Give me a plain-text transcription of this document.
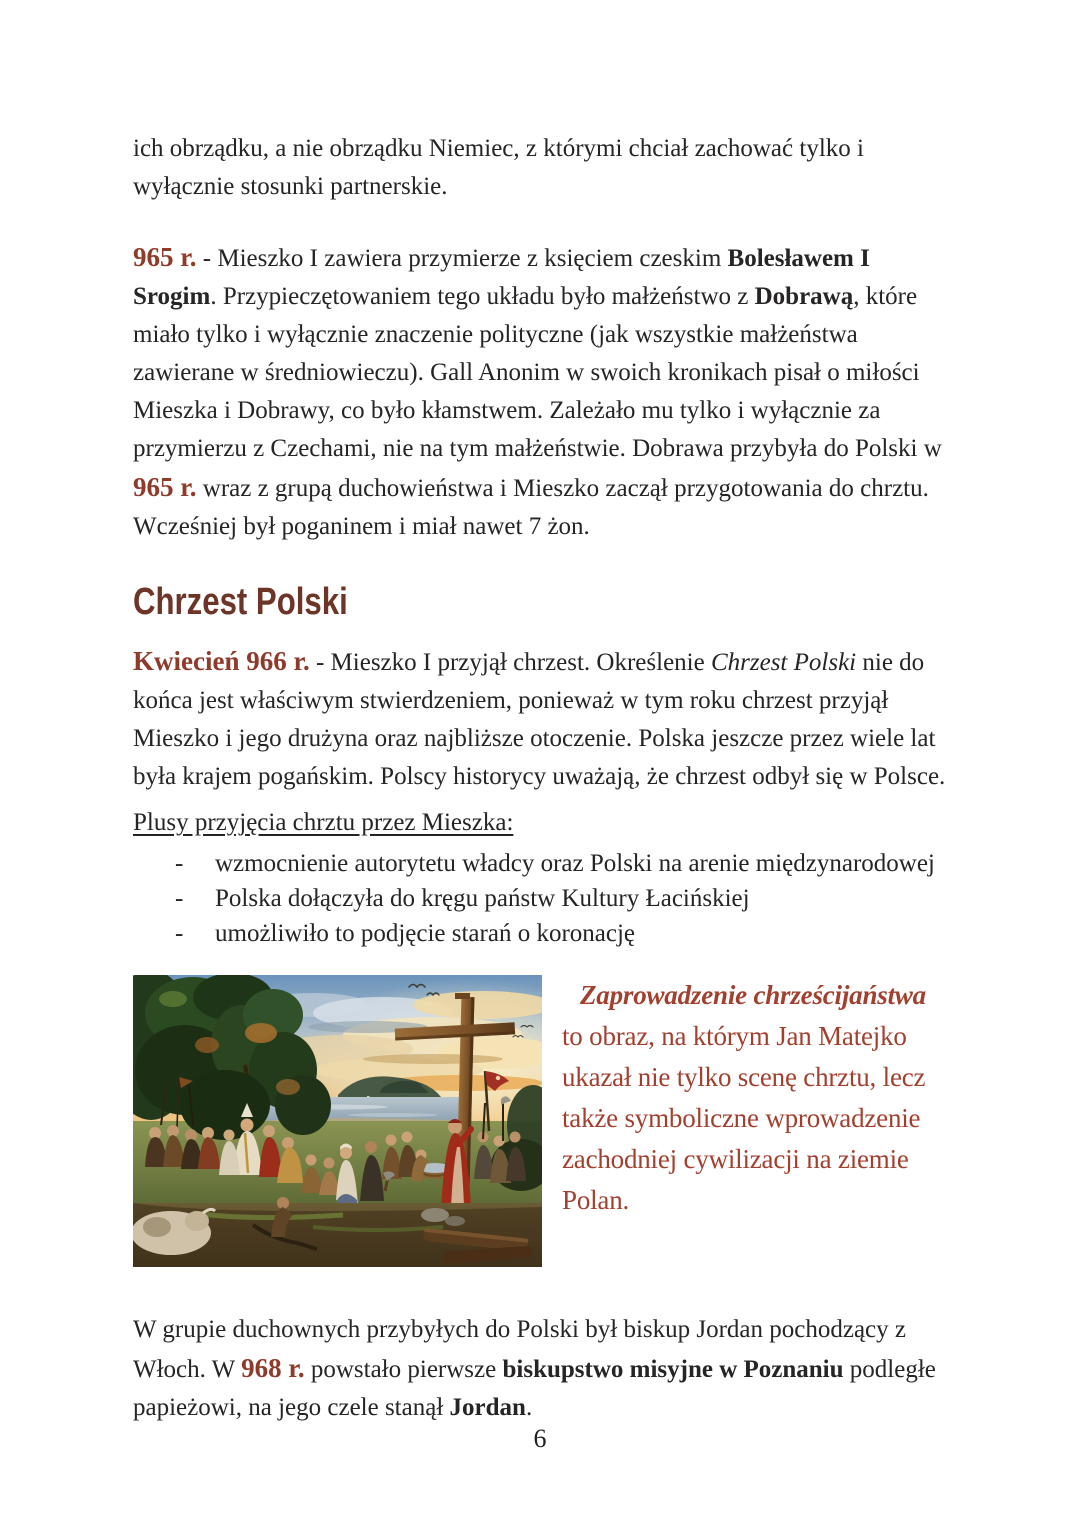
ich obrządku, a nie obrządku Niemiec, z którymi chciał zachować tylko i wyłącznie stosunki partnerskie.

965 r. - Mieszko I zawiera przymierze z księciem czeskim Bolesławem I Srogim. Przypieczętowaniem tego układu było małżeństwo z Dobrawą, które miało tylko i wyłącznie znaczenie polityczne (jak wszystkie małżeństwa zawierane w średniowieczu). Gall Anonim w swoich kronikach pisał o miłości Mieszka i Dobrawy, co było kłamstwem. Zależało mu tylko i wyłącznie za przymierzu z Czechami, nie na tym małżeństwie. Dobrawa przybyła do Polski w 965 r. wraz z grupą duchowieństwa i Mieszko zaczął przygotowania do chrztu. Wcześniej był poganinem i miał nawet 7 żon.

Chrzest Polski

Kwiecień 966 r. - Mieszko I przyjął chrzest. Określenie Chrzest Polski nie do końca jest właściwym stwierdzeniem, ponieważ w tym roku chrzest przyjął Mieszko i jego drużyna oraz najbliższe otoczenie. Polska jeszcze przez wiele lat była krajem pogańskim. Polscy historycy uważają, że chrzest odbył się w Polsce.

Plusy przyjęcia chrztu przez Mieszka:

-	wzmocnienie autorytetu władcy oraz Polski na arenie międzynarodowej
-	Polska dołączyła do kręgu państw Kultury Łacińskiej
-	umożliwiło to podjęcie starań o koronację
Zaprowadzenie chrześcijaństwa to obraz, na którym Jan Matejko ukazał nie tylko scenę chrztu, lecz także symboliczne wprowadzenie zachodniej cywilizacji na ziemie Polan.

W grupie duchownych przybyłych do Polski był biskup Jordan pochodzący z Włoch. W 968 r. powstało pierwsze biskupstwo misyjne w Poznaniu podległe papieżowi, na jego czele stanął Jordan.

6
